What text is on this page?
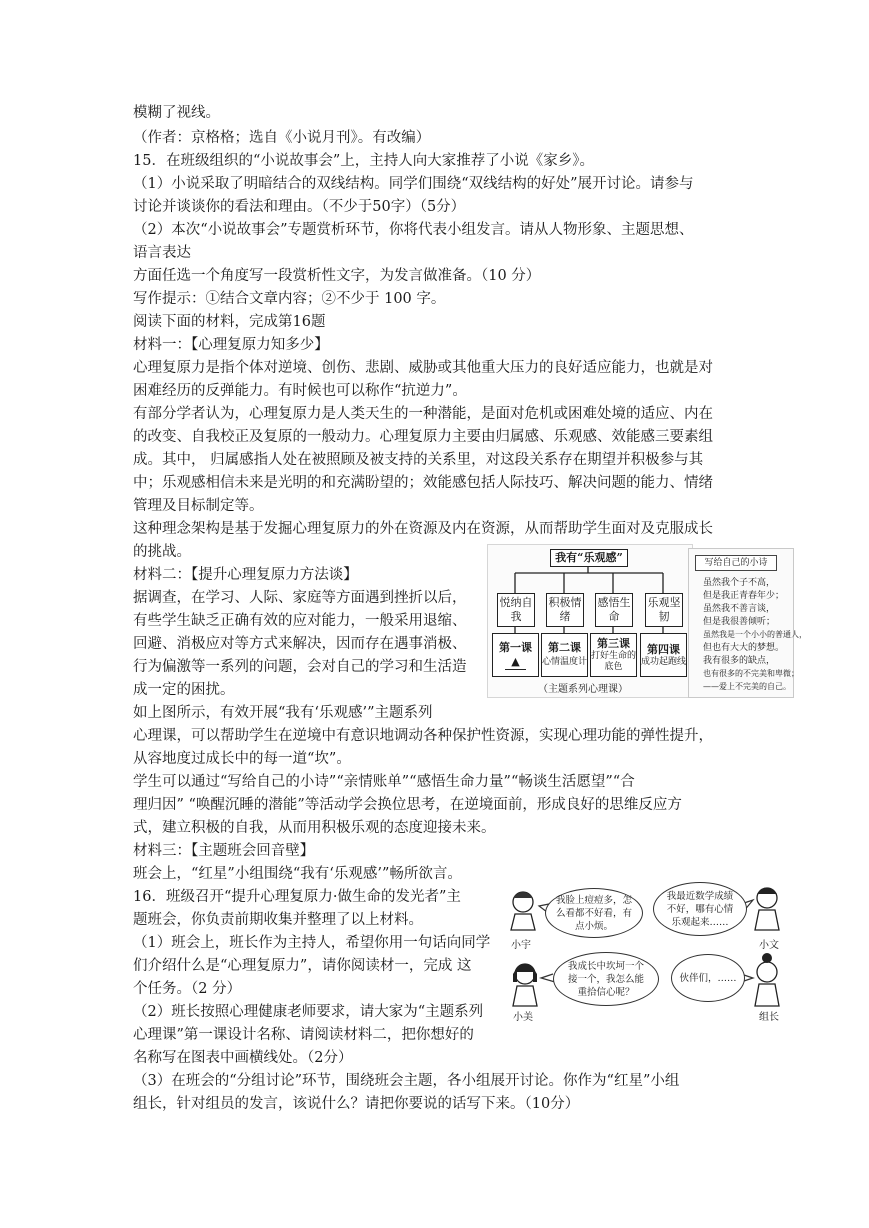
模糊了视线。
（作者：京格格；选自《小说月刊》。有改编）
15．在班级组织的“小说故事会”上，主持人向大家推荐了小说《家乡》。
（1）小说采取了明暗结合的双线结构。同学们围绕“双线结构的好处”展开讨论。请参与
讨论并谈谈你的看法和理由。（不少于50字）（5分）
（2）本次“小说故事会”专题赏析环节，你将代表小组发言。请从人物形象、主题思想、
语言表达
方面任选一个角度写一段赏析性文字，为发言做准备。（10 分）
写作提示：①结合文章内容；②不少于 100 字。
阅读下面的材料，完成第16题
材料一：【心理复原力知多少】
心理复原力是指个体对逆境、创伤、悲剧、威胁或其他重大压力的良好适应能力，也就是对
困难经历的反弹能力。有时候也可以称作“抗逆力”。
有部分学者认为，心理复原力是人类天生的一种潜能，是面对危机或困难处境的适应、内在
的改变、自我校正及复原的一般动力。心理复原力主要由归属感、乐观感、效能感三要素组
成。其中， 归属感指人处在被照顾及被支持的关系里，对这段关系存在期望并积极参与其
中；乐观感相信未来是光明的和充满盼望的；效能感包括人际技巧、解决问题的能力、情绪
管理及目标制定等。
这种理念架构是基于发掘心理复原力的外在资源及内在资源，从而帮助学生面对及克服成长
的挑战。
材料二：【提升心理复原力方法谈】
据调查，在学习、人际、家庭等方面遇到挫折以后，
有些学生缺乏正确有效的应对能力，一般采用退缩、
回避、消极应对等方式来解决，因而存在遇事消极、
行为偏激等一系列的问题，会对自己的学习和生活造
成一定的困扰。
如上图所示，有效开展“我有‘乐观感’”主题系列
心理课，可以帮助学生在逆境中有意识地调动各种保护性资源，实现心理功能的弹性提升，
从容地度过成长中的每一道“坎”。
学生可以通过“写给自己的小诗”“亲情账单”“感悟生命力量”“畅谈生活愿望”“合
理归因” “唤醒沉睡的潜能”等活动学会换位思考，在逆境面前，形成良好的思维反应方
式，建立积极的自我，从而用积极乐观的态度迎接未来。
材料三：【主题班会回音壁】
班会上，“红星”小组围绕“我有‘乐观感’”畅所欲言。
16．班级召开“提升心理复原力·做生命的发光者”主
题班会，你负责前期收集并整理了以上材料。
（1）班会上，班长作为主持人，希望你用一句话向同学
们介绍什么是“心理复原力”，请你阅读材一，完成 这
个任务。（2 分）
（2）班长按照心理健康老师要求，请大家为“主题系列
心理课”第一课设计名称、请阅读材料二，把你想好的
名称写在图表中画横线处。（2分）
（3）在班会的“分组讨论”环节，围绕班会主题，各小组展开讨论。你作为“红星”小组
组长，针对组员的发言，该说什么？请把你要说的话写下来。（10分）
我有“乐观感”
悦纳自我
积极情绪
感悟生命
乐观坚韧
第一课
▲
第二课
心情温度计
第三课
打好生命的底色
第四课
成功起跑线
（主题系列心理课）
写给自己的小诗
虽然我个子不高，
但是我正青春年少；
虽然我不善言谈，
但是我很善倾听；
虽然我是一个小小的普通人，
但也有大大的梦想。
我有很多的缺点，
也有很多的不完美和卑微；
——爱上不完美的自己。
我脸上痘痘多，怎么看都不好看，有点小烦。
我最近数学成绩不好，哪有心情乐观起来……
我成长中坎坷一个接一个，我怎么能重拾信心呢？
伙伴们，……
小宇	小文
小美	组长
